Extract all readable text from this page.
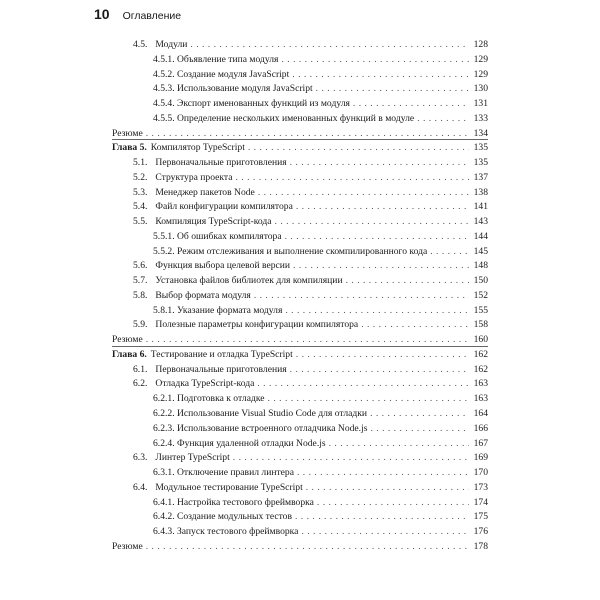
10 Оглавление
4.5. Модули . . .	128
4.5.1. Объявление типа модуля . . .	129
4.5.2. Создание модуля JavaScript . . .	129
4.5.3. Использование модуля JavaScript . . .	130
4.5.4. Экспорт именованных функций из модуля . . .	131
4.5.5. Определение нескольких именованных функций в модуле . . .	133
Резюме . . .	134
Глава 5. Компилятор TypeScript . . .	135
5.1. Первоначальные приготовления . . .	135
5.2. Структура проекта . . .	137
5.3. Менеджер пакетов Node . . .	138
5.4. Файл конфигурации компилятора . . .	141
5.5. Компиляция TypeScript-кода . . .	143
5.5.1. Об ошибках компилятора . . .	144
5.5.2. Режим отслеживания и выполнение скомпилированного кода . . .	145
5.6. Функция выбора целевой версии . . .	148
5.7. Установка файлов библиотек для компиляции . . .	150
5.8. Выбор формата модуля . . .	152
5.8.1. Указание формата модуля . . .	155
5.9. Полезные параметры конфигурации компилятора . . .	158
Резюме . . .	160
Глава 6. Тестирование и отладка TypeScript . . .	162
6.1. Первоначальные приготовления . . .	162
6.2. Отладка TypeScript-кода . . .	163
6.2.1. Подготовка к отладке . . .	163
6.2.2. Использование Visual Studio Code для отладки . . .	164
6.2.3. Использование встроенного отладчика Node.js . . .	166
6.2.4. Функция удаленной отладки Node.js . . .	167
6.3. Линтер TypeScript . . .	169
6.3.1. Отключение правил линтера . . .	170
6.4. Модульное тестирование TypeScript . . .	173
6.4.1. Настройка тестового фреймворка . . .	174
6.4.2. Создание модульных тестов . . .	175
6.4.3. Запуск тестового фреймворка . . .	176
Резюме . . .	178
